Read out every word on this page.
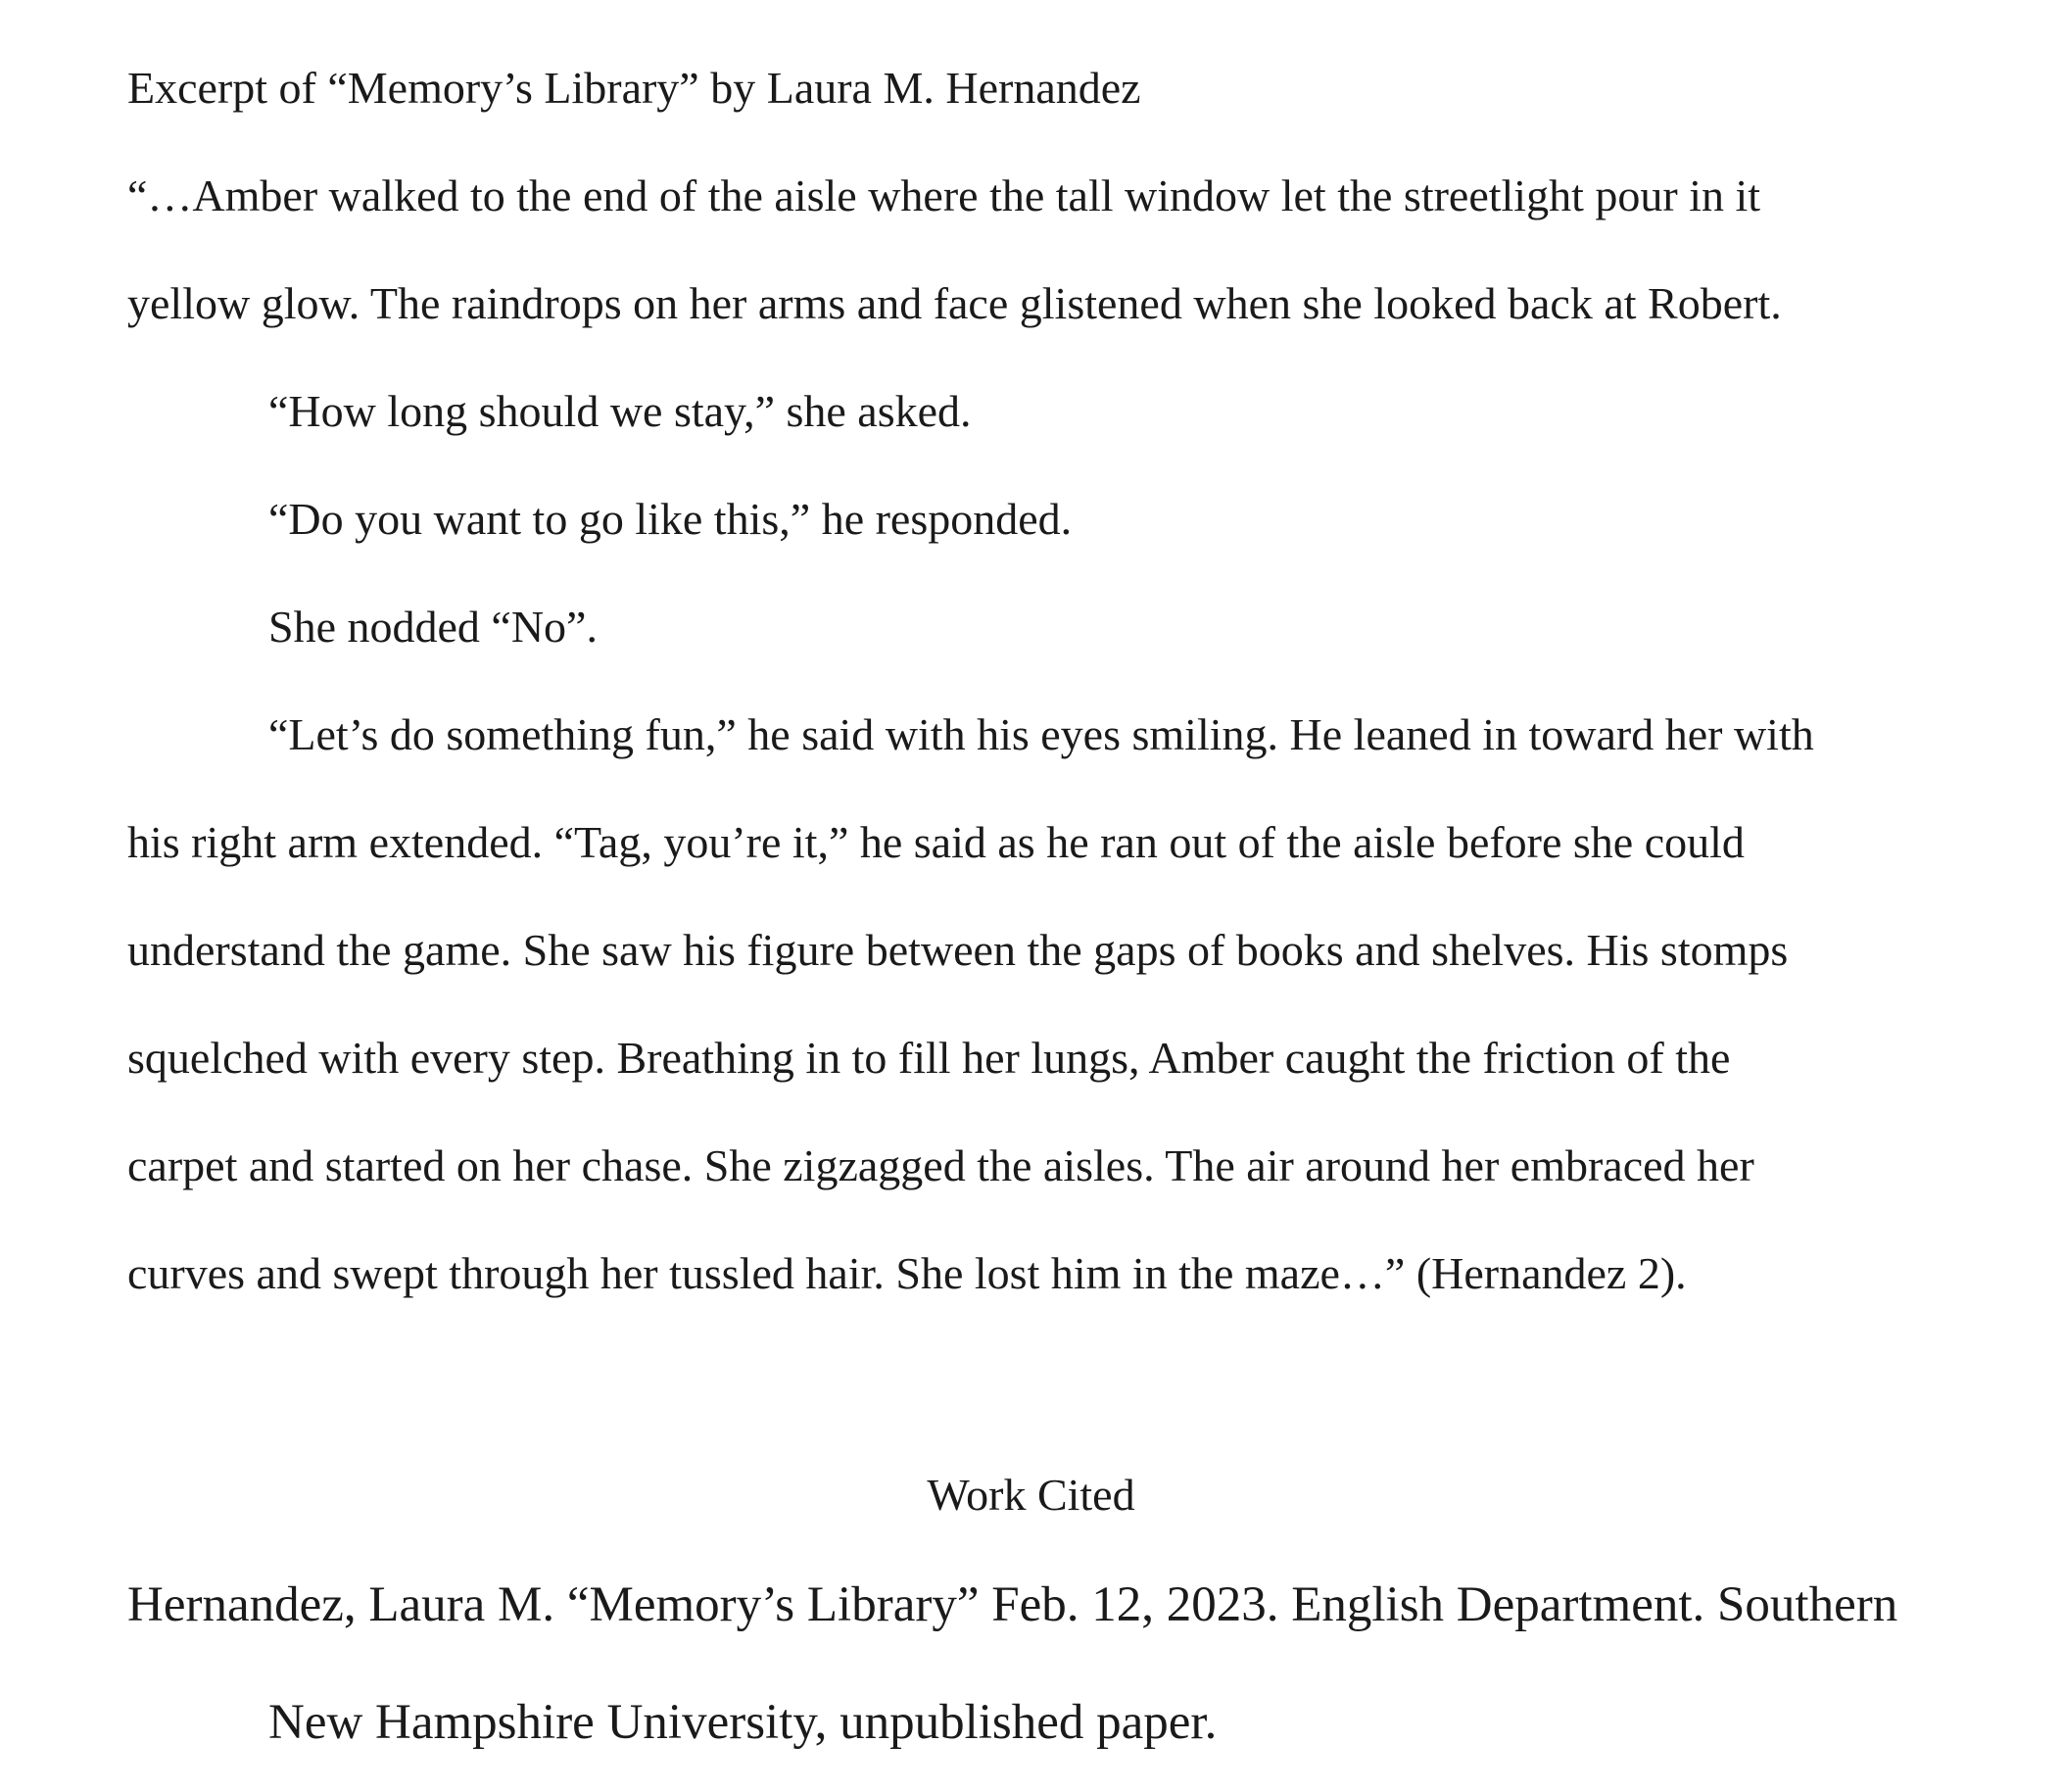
Excerpt of “Memory’s Library” by Laura M. Hernandez
“…Amber walked to the end of the aisle where the tall window let the streetlight pour in it
yellow glow. The raindrops on her arms and face glistened when she looked back at Robert.
“How long should we stay,” she asked.
“Do you want to go like this,” he responded.
She nodded “No”.
“Let’s do something fun,” he said with his eyes smiling. He leaned in toward her with
his right arm extended. “Tag, you’re it,” he said as he ran out of the aisle before she could
understand the game. She saw his figure between the gaps of books and shelves. His stomps
squelched with every step. Breathing in to fill her lungs, Amber caught the friction of the
carpet and started on her chase. She zigzagged the aisles. The air around her embraced her
curves and swept through her tussled hair. She lost him in the maze…” (Hernandez 2).
Work Cited
Hernandez, Laura M. “Memory’s Library” Feb. 12, 2023. English Department. Southern
New Hampshire University, unpublished paper.
